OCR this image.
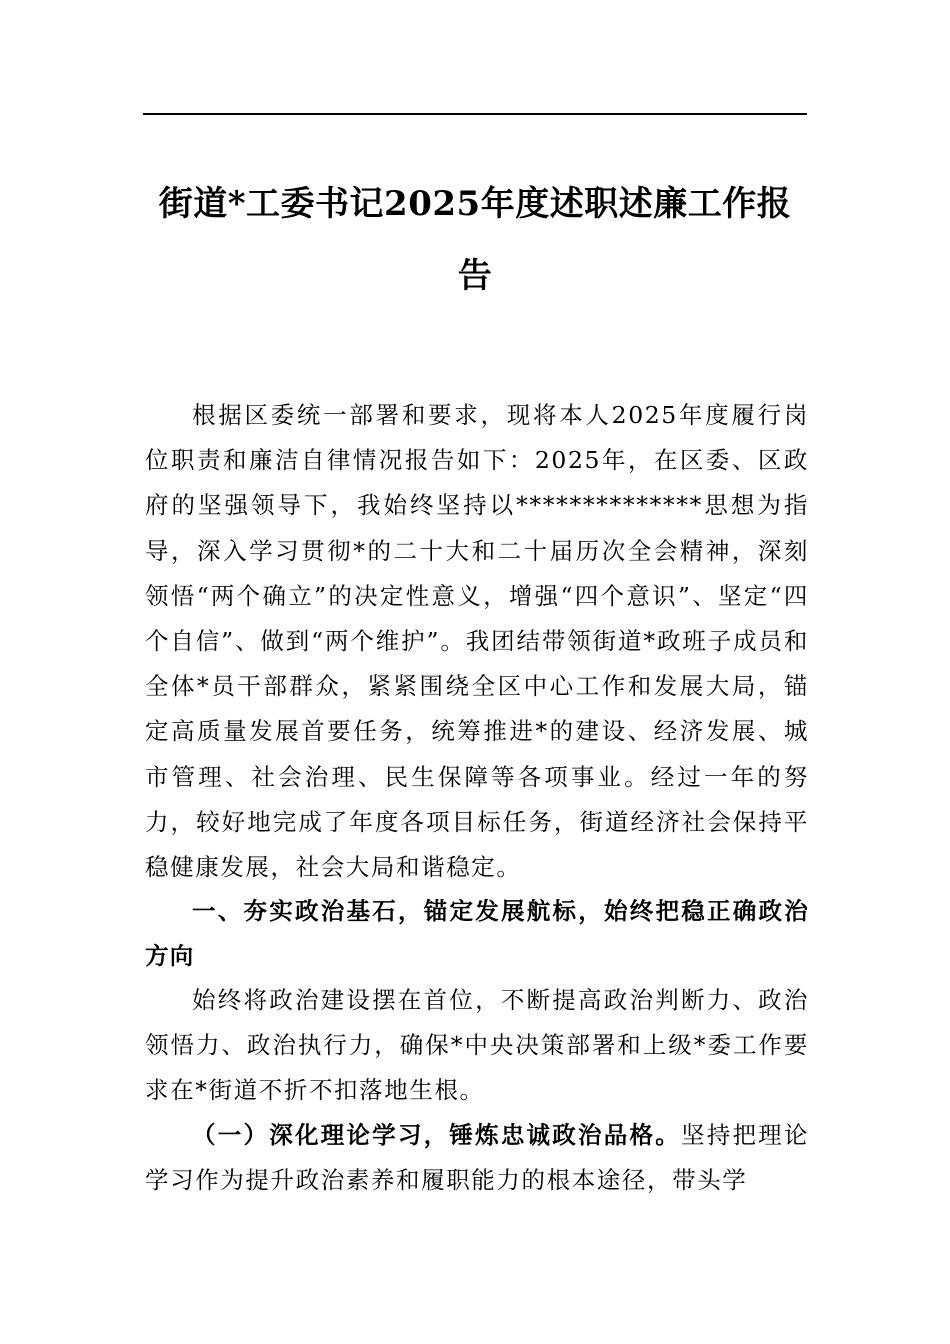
街道*工委书记2025年度述职述廉工作报告

根据区委统一部署和要求，现将本人2025年度履行岗位职责和廉洁自律情况报告如下：2025年，在区委、区政府的坚强领导下，我始终坚持以**************思想为指导，深入学习贯彻*的二十大和二十届历次全会精神，深刻领悟“两个确立”的决定性意义，增强“四个意识”、坚定“四个自信”、做到“两个维护”。我团结带领街道*政班子成员和全体*员干部群众，紧紧围绕全区中心工作和发展大局，锚定高质量发展首要任务，统筹推进*的建设、经济发展、城市管理、社会治理、民生保障等各项事业。经过一年的努力，较好地完成了年度各项目标任务，街道经济社会保持平稳健康发展，社会大局和谐稳定。

一、夯实政治基石，锚定发展航标，始终把稳正确政治方向

始终将政治建设摆在首位，不断提高政治判断力、政治领悟力、政治执行力，确保*中央决策部署和上级*委工作要求在*街道不折不扣落地生根。

（一）深化理论学习，锤炼忠诚政治品格。坚持把理论学习作为提升政治素养和履职能力的根本途径，带头学
